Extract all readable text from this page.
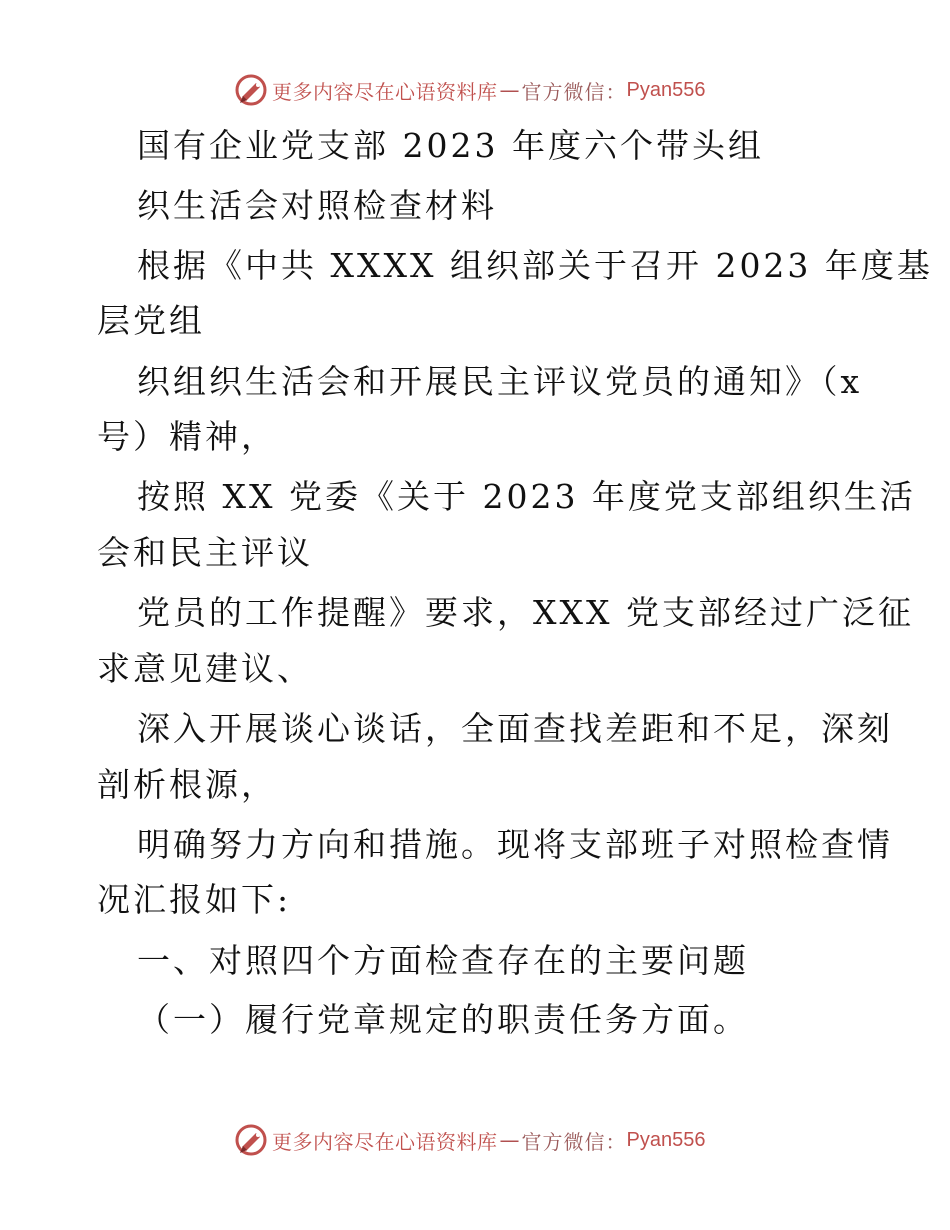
更多内容尽在心语资料库 — 官方微信： Pyan556
国有企业党支部 2023 年度六个带头组
织生活会对照检查材料
根据《中共 XXXX 组织部关于召开 2023 年度基
层党组
织组织生活会和开展民主评议党员的通知》（x
号）精神，
按照 XX 党委《关于 2023 年度党支部组织生活
会和民主评议
党员的工作提醒》要求，XXX 党支部经过广泛征
求意见建议、
深入开展谈心谈话，全面查找差距和不足，深刻
剖析根源，
明确努力方向和措施。现将支部班子对照检查情
况汇报如下:
一、对照四个方面检查存在的主要问题
（一）履行党章规定的职责任务方面。
更多内容尽在心语资料库 — 官方微信： Pyan556
